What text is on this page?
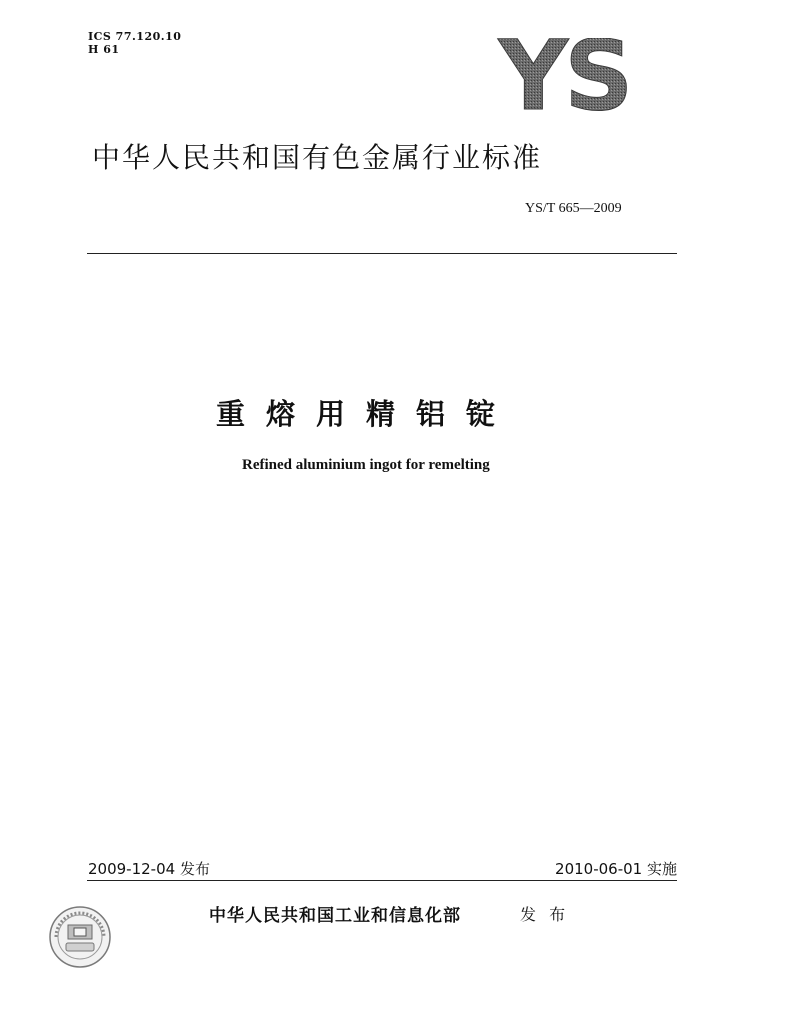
ICS 77.120.10
H 61	YS
中华人民共和国有色金属行业标准
YS/T 665—2009
重熔用精铝锭
Refined aluminium ingot for remelting
2009-12-04 发布	2010-06-01 实施
中华人民共和国工业和信息化部	发 布
